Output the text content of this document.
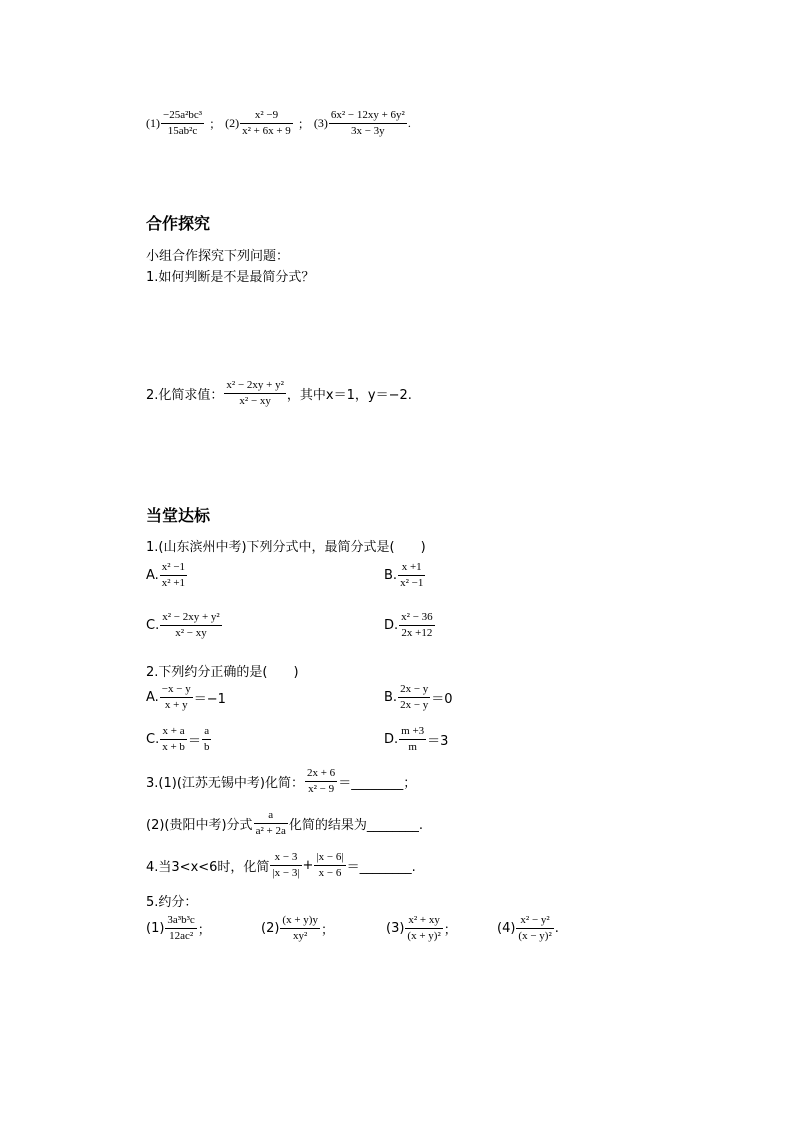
$(1) \frac{\text{−25a²bc³}}{\text{15ab²c}}$ ； $(2) \frac{\text{x² −9}}{\text{x² + 6x + 9}}$ ； $(3) \frac{\text{6x² − 12xy + 6y²}}{3x - 3y}$ .
合作探究
小组合作探究下列问题：
1.如何判断是不是最简分式？
2.化简求值： $\frac{\text{x² − 2xy + y²}}{\text{x² − xy}}$ ，其中x＝1，y＝−2.
当堂达标
1.(山东滨州中考)下列分式中，最简分式是(　　)
A. $\frac{\text{x² −1}}{\text{x² +1}}$	B. $\frac{x +1}{\text{x² −1}}$
C. $\frac{\text{x² − 2xy + y²}}{\text{x² − xy}}$	D. $\frac{\text{x² − 36}}{2x +12}$
2.下列约分正确的是(　　)
A. $\frac{-x - y}{x + y} =-1$	B. $\frac{2x - y}{2x - y} =0$
C. $\frac{x + a}{x + b} = \frac{a}{b}$	D. $\frac{m +3}{m} =3$
3.(1)(江苏无锡中考)化简： $\frac{2x + 6}{\text{x² − 9}}$ ＝________；
(2)(贵阳中考)分式 $\frac{a}{\text{a² + 2a}}$ 化简的结果为________.
4.当3<x<6时，化简 $\frac{x - 3}{|x - 3|} + \frac{|x - 6|}{x - 6}$ ＝________.
5.约分：
$(1) \frac{\text{3a³b³c}}{\text{12ac²}}$ ；	$(2) \frac{(x + y)y}{\text{xy²}}$ ；	$(3) \frac{\text{x² + xy}}{\text{(x + y)²}}$ ；	$(4) \frac{\text{x² − y²}}{\text{(x − y)²}}$ .
